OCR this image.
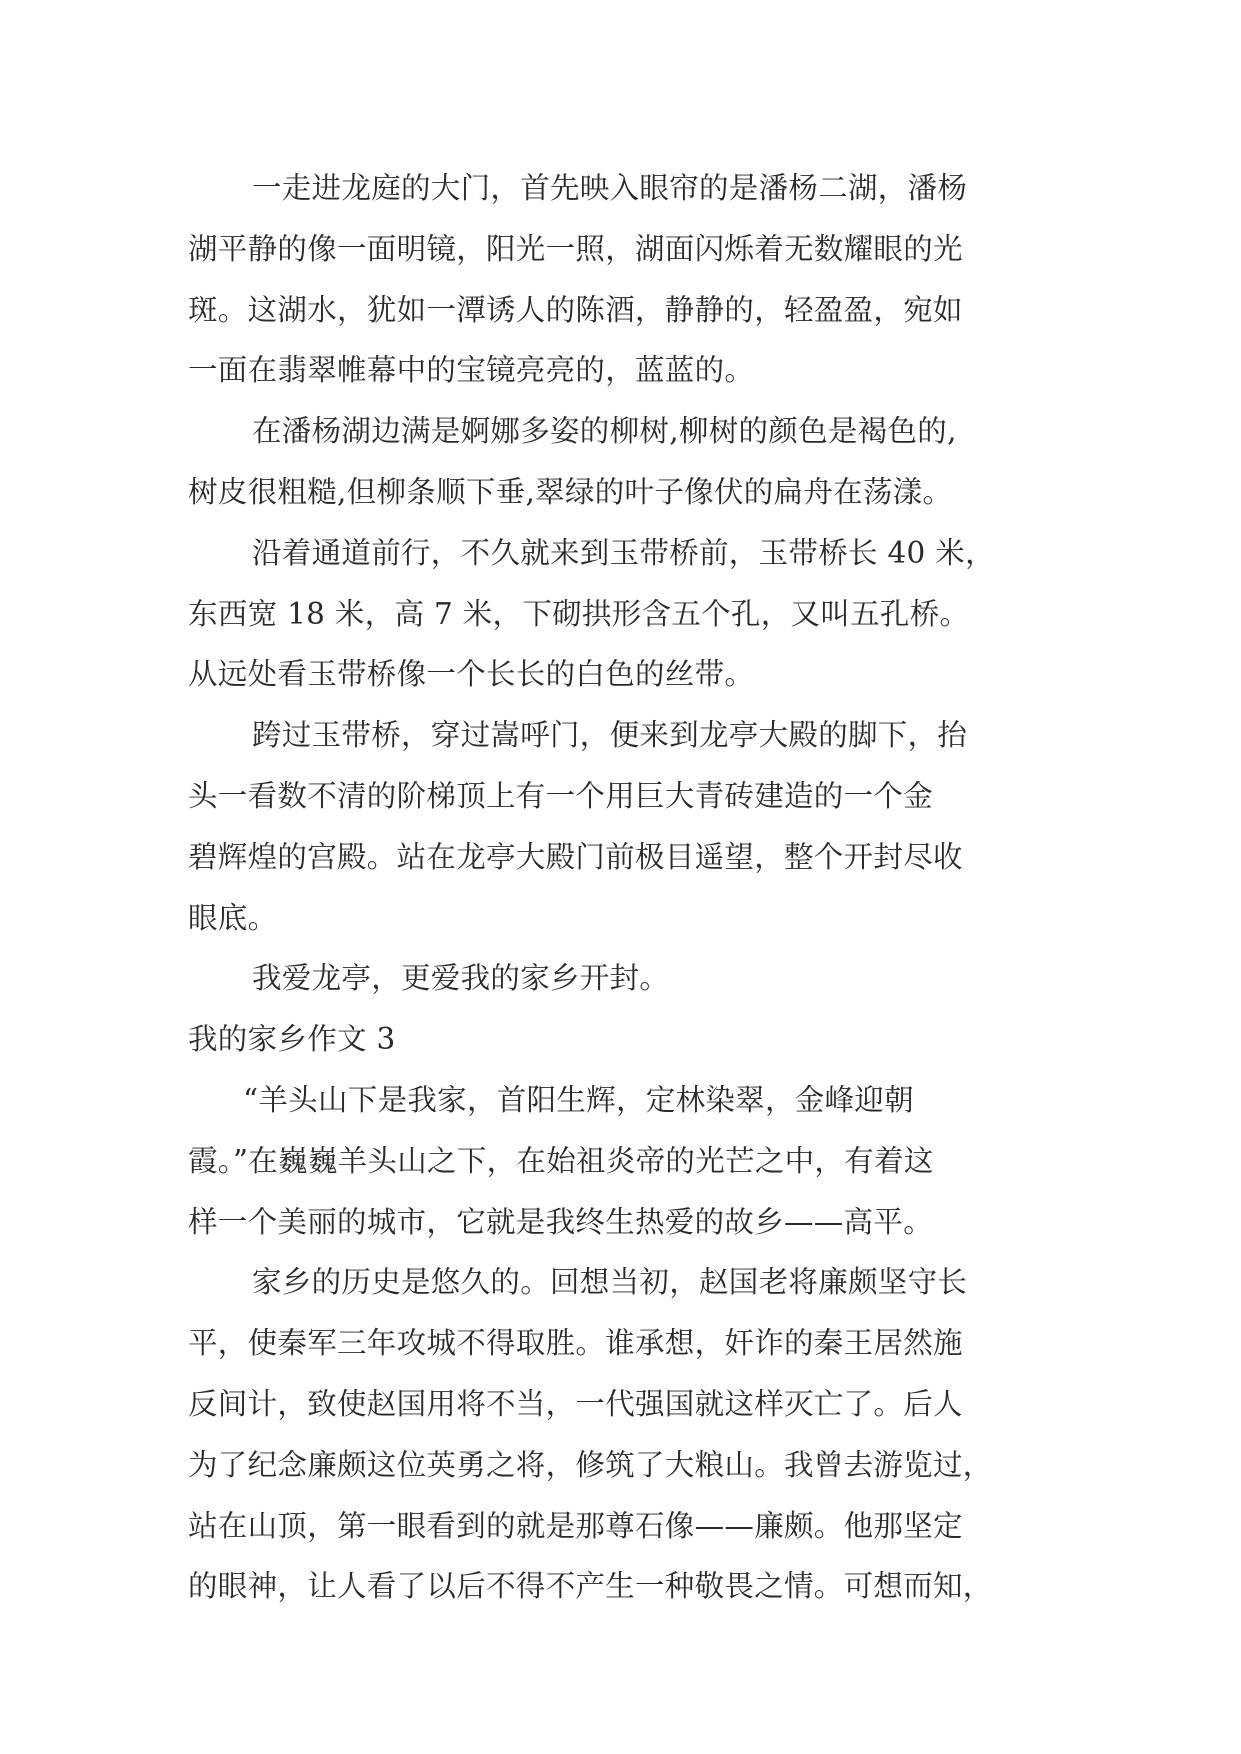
一走进龙庭的大门，首先映入眼帘的是潘杨二湖，潘杨
湖平静的像一面明镜，阳光一照，湖面闪烁着无数耀眼的光
斑。这湖水，犹如一潭诱人的陈酒，静静的，轻盈盈，宛如
一面在翡翠帷幕中的宝镜亮亮的，蓝蓝的。
在潘杨湖边满是婀娜多姿的柳树,柳树的颜色是褐色的,
树皮很粗糙,但柳条顺下垂,翠绿的叶子像伏的扁舟在荡漾。
沿着通道前行，不久就来到玉带桥前，玉带桥长 40 米，
东西宽 18 米，高 7 米，下砌拱形含五个孔，又叫五孔桥。
从远处看玉带桥像一个长长的白色的丝带。
跨过玉带桥，穿过嵩呼门，便来到龙亭大殿的脚下，抬
头一看数不清的阶梯顶上有一个用巨大青砖建造的一个金
碧辉煌的宫殿。站在龙亭大殿门前极目遥望，整个开封尽收
眼底。
我爱龙亭，更爱我的家乡开封。
我的家乡作文 3
“羊头山下是我家，首阳生辉，定林染翠，金峰迎朝
霞。”在巍巍羊头山之下，在始祖炎帝的光芒之中，有着这
样一个美丽的城市，它就是我终生热爱的故乡——高平。
家乡的历史是悠久的。回想当初，赵国老将廉颇坚守长
平，使秦军三年攻城不得取胜。谁承想，奸诈的秦王居然施
反间计，致使赵国用将不当，一代强国就这样灭亡了。后人
为了纪念廉颇这位英勇之将，修筑了大粮山。我曾去游览过，
站在山顶，第一眼看到的就是那尊石像——廉颇。他那坚定
的眼神，让人看了以后不得不产生一种敬畏之情。可想而知，
